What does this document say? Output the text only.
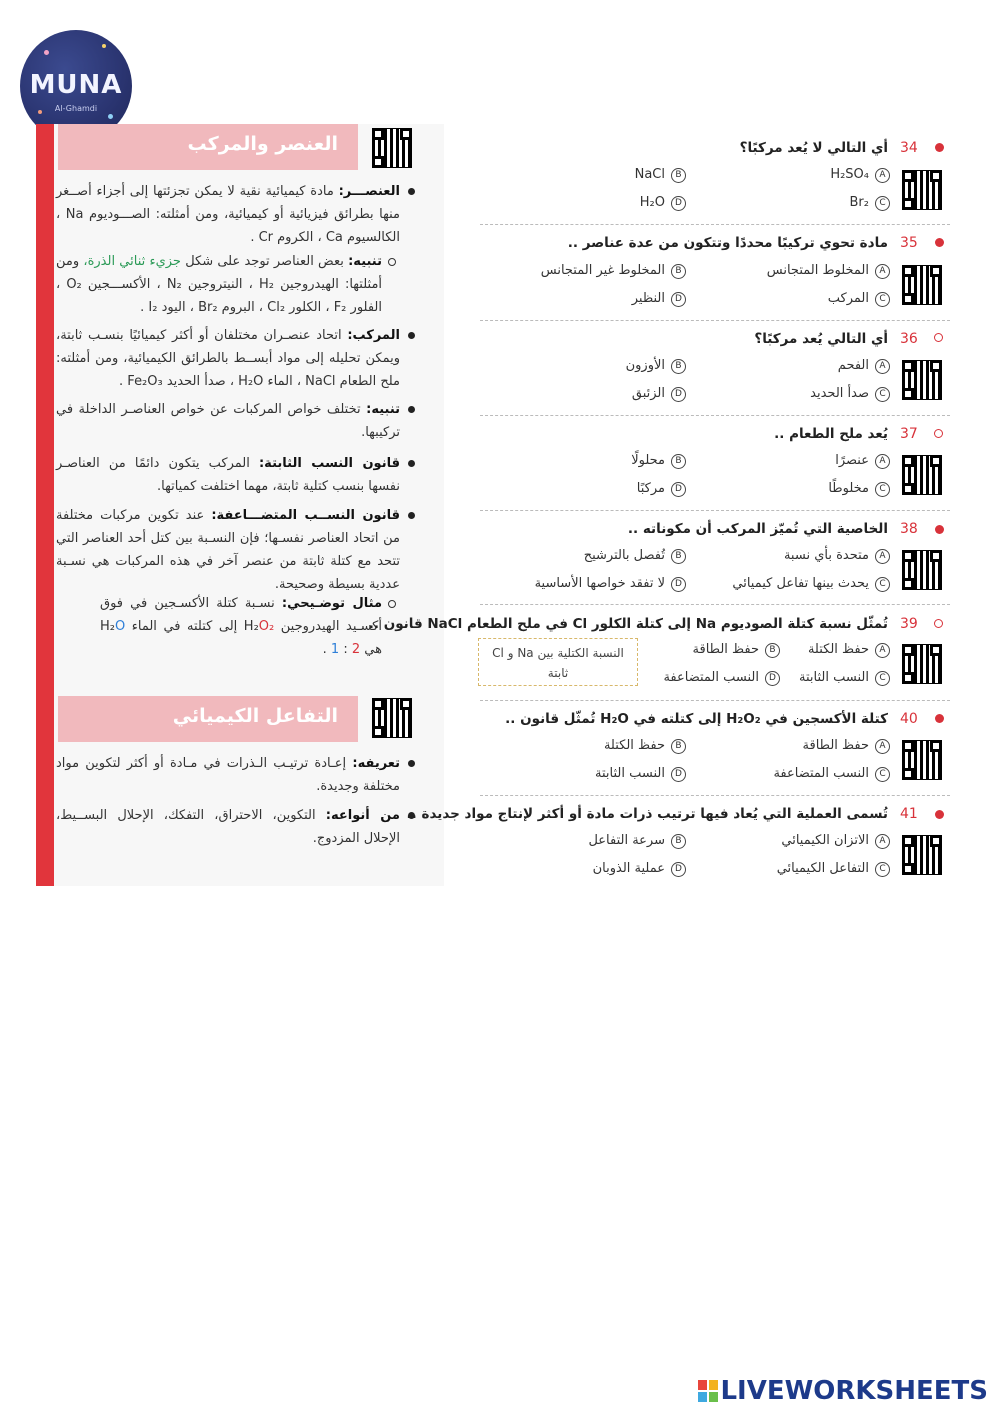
MUNA
Al-Ghamdi
العنصر والمركب
العنصـــر: مادة كيميائية نقية لا يمكن تجزئتها إلى أجزاء أصــغر منها بطرائق فيزيائية أو كيميائية، ومن أمثلته: الصـــوديوم Na ، الكالسيوم Ca ، الكروم Cr .
تنبيه: بعض العناصر توجد على شكل جزيء ثنائي الذرة، ومن أمثلتها: الهيدروجين H₂ ، النيتروجين N₂ ، الأكســـجين O₂ ، الفلور F₂ ، الكلور Cl₂ ، البروم Br₂ ، اليود I₂ .
المركب: اتحاد عنصـران مختلفان أو أكثر كيميائيًا بنسـب ثابتة، ويمكن تحليله إلى مواد أبســط بالطرائق الكيميائية، ومن أمثلته: ملح الطعام NaCl ، الماء H₂O ، صدأ الحديد Fe₂O₃ .
تنبيه: تختلف خواص المركبات عن خواص العناصـر الداخلة في تركيبها.
قانون النسب الثابتة: المركب يتكون دائمًا من العناصـر نفسها بنسب كتلية ثابتة، مهما اختلفت كمياتها.
قانون النســب المتضـــاعفة: عند تكوين مركبات مختلفة من اتحاد العناصر نفسـها؛ فإن النسـبة بين كتل أحد العناصر التي تتحد مع كتلة ثابتة من عنصر آخر في هذه المركبات هي نسـبة عددية بسيطة وصحيحة.
مثال توضـيحي: نسـبة كتلة الأكسـجين في فوق أكسـيد الهيدروجين H₂O₂ إلى كتلته في الماء H₂O هي 2 : 1 .
التفاعل الكيميائي
تعريفه: إعـادة ترتيـب الـذرات في مـادة أو أكثر لتكوين مواد مختلفة وجديدة.
من أنواعه: التكوين، الاحتراق، التفكك، الإحلال البســيط، الإحلال المزدوج.
34
أي التالي لا يُعد مركبًا؟
AH₂SO₄
BNaCl
CBr₂
DH₂O
35
مادة تحوي تركيبًا محددًا وتتكون من عدة عناصر ..
Aالمخلوط المتجانس
Bالمخلوط غير المتجانس
Cالمركب
Dالنظير
36
أي التالي يُعد مركبًا؟
Aالفحم
Bالأوزون
Cصدأ الحديد
Dالزئبق
37
يُعد ملح الطعام ..
Aعنصرًا
Bمحلولًا
Cمخلوطًا
Dمركبًا
38
الخاصية التي تُميّز المركب أن مكوناته ..
Aمتحدة بأي نسبة
Bتُفصل بالترشيح
Cيحدث بينها تفاعل كيميائي
Dلا تفقد خواصها الأساسية
39
تُمثّل نسبة كتلة الصوديوم Na إلى كتلة الكلور Cl في ملح الطعام NaCl قانون ..
Aحفظ الكتلة
Bحفظ الطاقة
Cالنسب الثابتة
Dالنسب المتضاعفة
النسبة الكتلية بين Na و Cl ثابتة
40
كتلة الأكسجين في H₂O₂ إلى كتلته في H₂O تُمثّل قانون ..
Aحفظ الطاقة
Bحفظ الكتلة
Cالنسب المتضاعفة
Dالنسب الثابتة
41
تُسمى العملية التي يُعاد فيها ترتيب ذرات مادة أو أكثر لإنتاج مواد جديدة ..
Aالاتزان الكيميائي
Bسرعة التفاعل
Cالتفاعل الكيميائي
Dعملية الذوبان
LIVEWORKSHEETS
